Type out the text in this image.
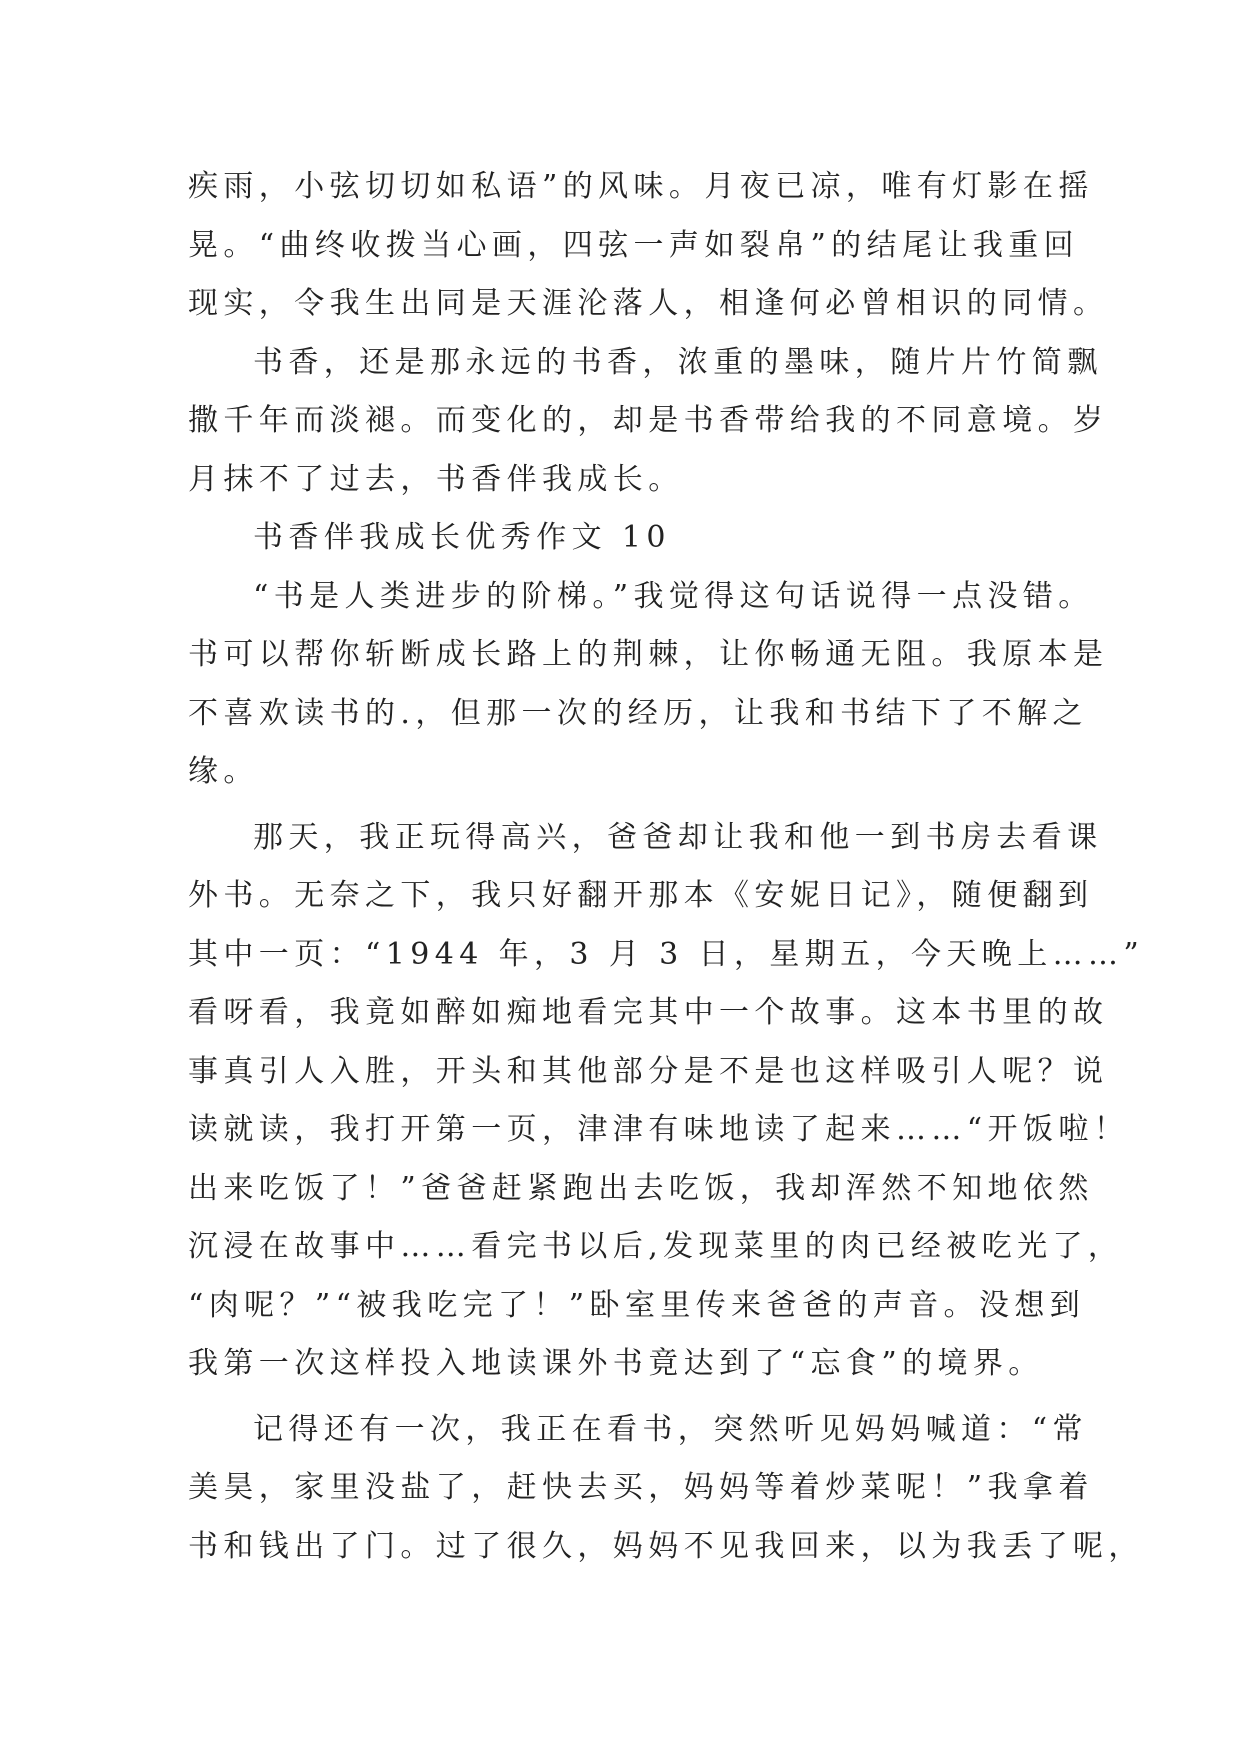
疾雨，小弦切切如私语”的风味。月夜已凉，唯有灯影在摇

晃。“曲终收拨当心画，四弦一声如裂帛”的结尾让我重回

现实，令我生出同是天涯沦落人，相逢何必曾相识的同情。

书香，还是那永远的书香，浓重的墨味，随片片竹简飘

撒千年而淡褪。而变化的，却是书香带给我的不同意境。岁

月抹不了过去，书香伴我成长。

书香伴我成长优秀作文 10

“书是人类进步的阶梯。”我觉得这句话说得一点没错。

书可以帮你斩断成长路上的荆棘，让你畅通无阻。我原本是

不喜欢读书的.，但那一次的经历，让我和书结下了不解之

缘。

那天，我正玩得高兴，爸爸却让我和他一到书房去看课

外书。无奈之下，我只好翻开那本《安妮日记》，随便翻到

其中一页：“1944 年，3 月 3 日，星期五，今天晚上……”

看呀看，我竟如醉如痴地看完其中一个故事。这本书里的故

事真引人入胜，开头和其他部分是不是也这样吸引人呢？说

读就读，我打开第一页，津津有味地读了起来……“开饭啦！

出来吃饭了！”爸爸赶紧跑出去吃饭，我却浑然不知地依然

沉浸在故事中……看完书以后,发现菜里的肉已经被吃光了，

“肉呢？”“被我吃完了！”卧室里传来爸爸的声音。没想到

我第一次这样投入地读课外书竟达到了“忘食”的境界。

记得还有一次，我正在看书，突然听见妈妈喊道：“常

美昊，家里没盐了，赶快去买，妈妈等着炒菜呢！”我拿着

书和钱出了门。过了很久，妈妈不见我回来，以为我丢了呢，
